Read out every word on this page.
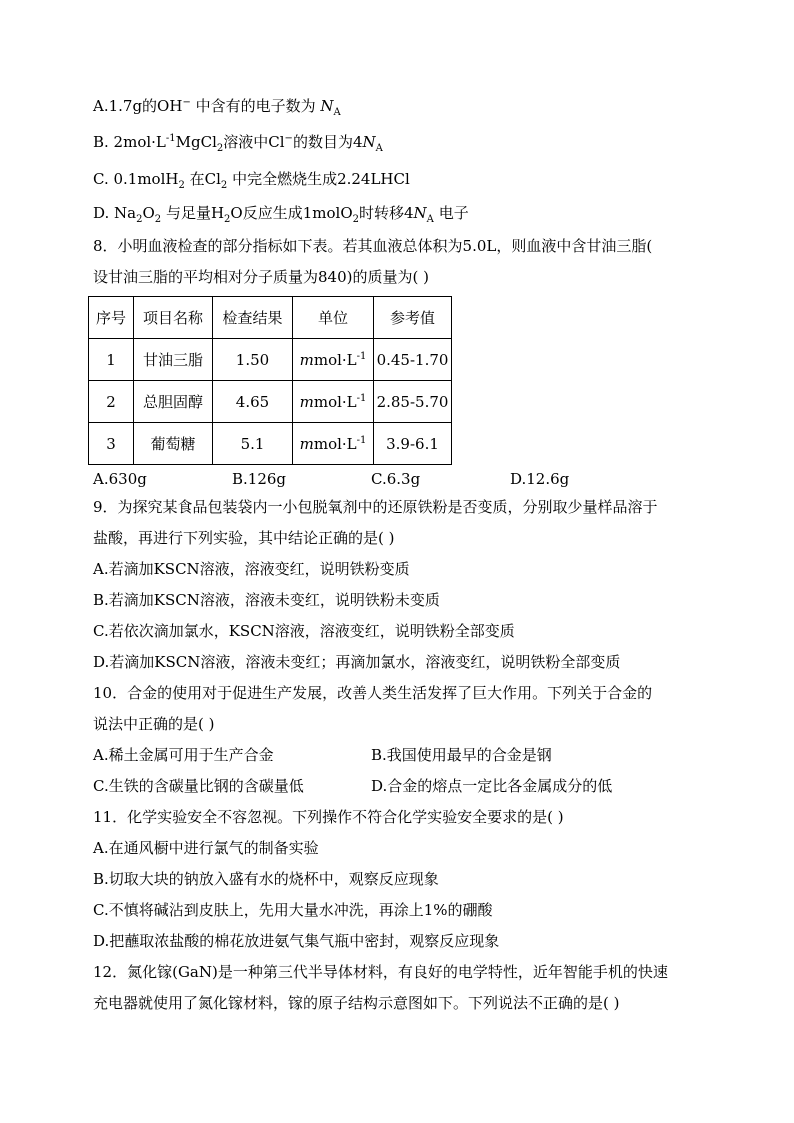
A.1.7g的OH− 中含有的电子数为 $N_A$
B. $2mol\cdot L^{-1}MgCl_2$溶液中Cl−的数目为$4N_A$
C. 0.1molH$_2$ 在$Cl_2$ 中完全燃烧生成2.24LHCl
D. $Na_2O_2$ 与足量$H_2O$反应生成1molO$_2$时转移$4N_A$ 电子
8．小明血液检查的部分指标如下表。若其血液总体积为5.0L，则血液中含甘油三脂(
设甘油三脂的平均相对分子质量为840)的质量为( )
序号	项目名称	检查结果	单位	参考值
1	甘油三脂	1.50	$mmol\cdot L^{-1}$	0.45-1.70
2	总胆固醇	4.65	$mmol\cdot L^{-1}$	2.85-5.70
3	葡萄糖	5.1	$mmol\cdot L^{-1}$	3.9-6.1
A.630g	B.126g	C.6.3g	D.12.6g
9．为探究某食品包装袋内一小包脱氧剂中的还原铁粉是否变质，分别取少量样品溶于
盐酸，再进行下列实验，其中结论正确的是( )
A.若滴加KSCN溶液，溶液变红，说明铁粉变质
B.若滴加KSCN溶液，溶液未变红，说明铁粉未变质
C.若依次滴加氯水，KSCN溶液，溶液变红，说明铁粉全部变质
D.若滴加KSCN溶液，溶液未变红；再滴加氯水，溶液变红，说明铁粉全部变质
10．合金的使用对于促进生产发展，改善人类生活发挥了巨大作用。下列关于合金的
说法中正确的是( )
A.稀土金属可用于生产合金	B.我国使用最早的合金是钢
C.生铁的含碳量比钢的含碳量低	D.合金的熔点一定比各金属成分的低
11．化学实验安全不容忽视。下列操作不符合化学实验安全要求的是( )
A.在通风橱中进行氯气的制备实验
B.切取大块的钠放入盛有水的烧杯中，观察反应现象
C.不慎将碱沾到皮肤上，先用大量水冲洗，再涂上1%的硼酸
D.把蘸取浓盐酸的棉花放进氨气集气瓶中密封，观察反应现象
12．氮化镓(GaN)是一种第三代半导体材料，有良好的电学特性，近年智能手机的快速
充电器就使用了氮化镓材料，镓的原子结构示意图如下。下列说法不正确的是( )
